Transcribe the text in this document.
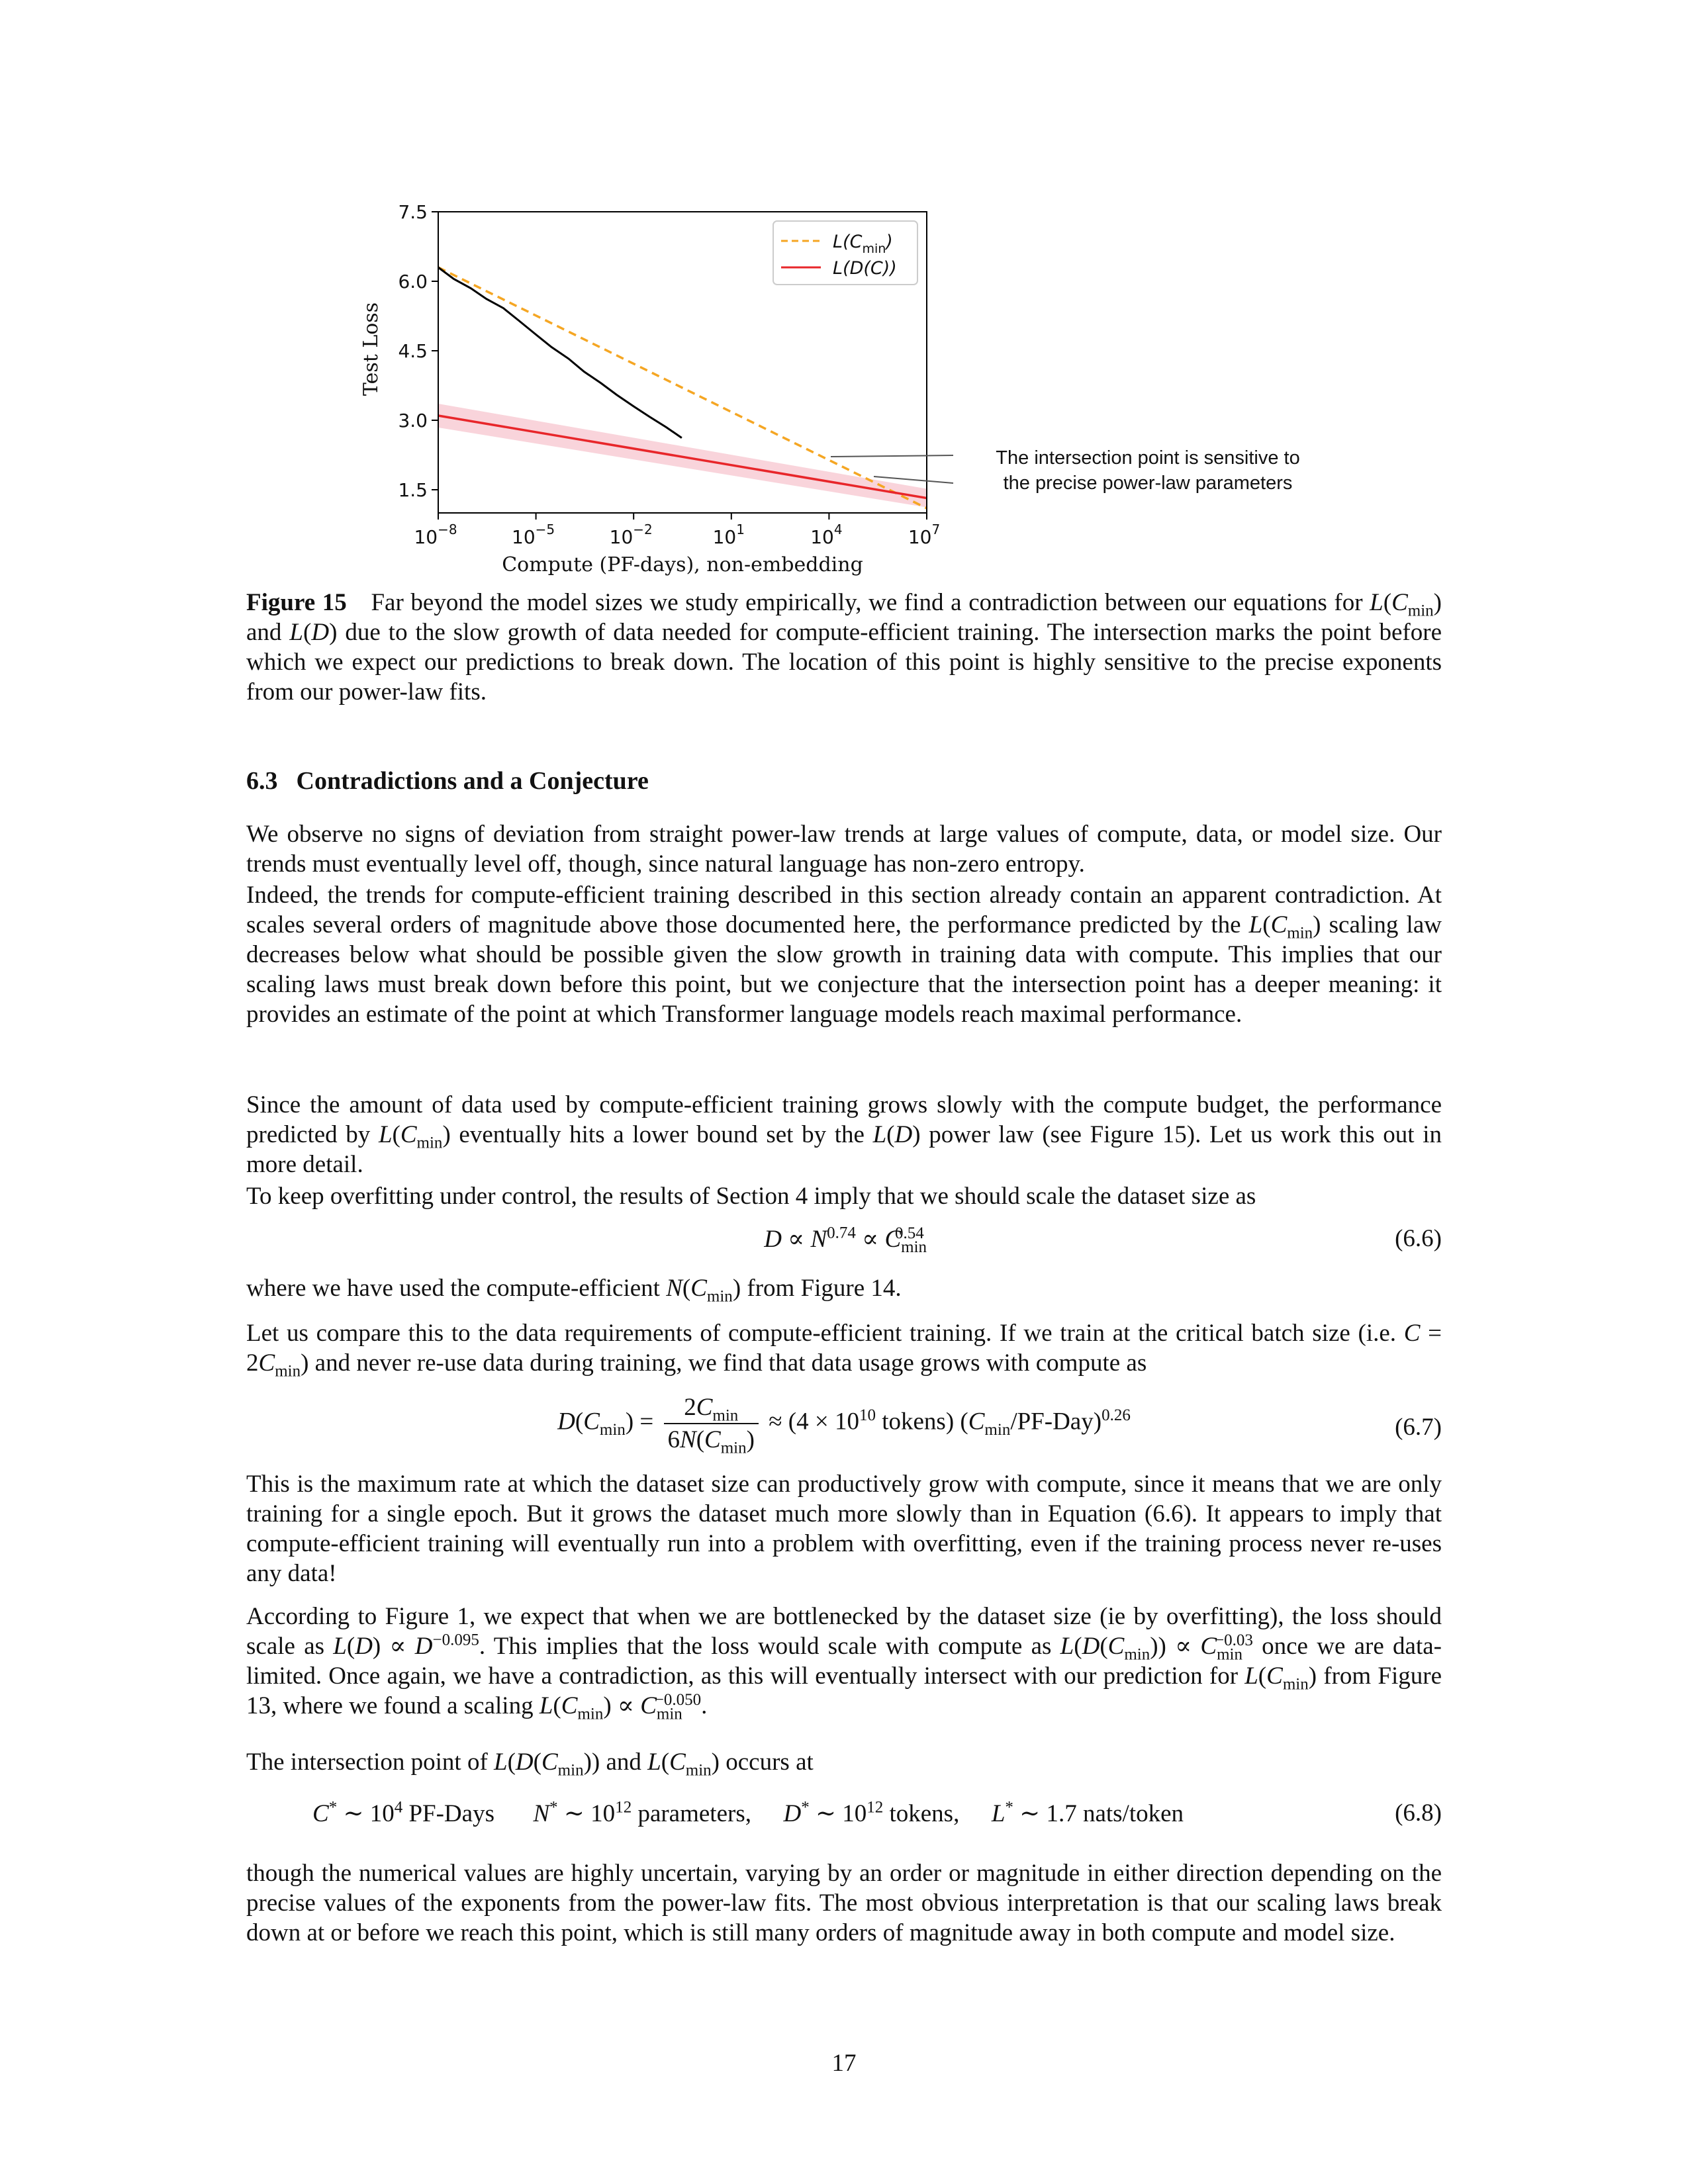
1.5
3.0
4.5
6.0
7.5
$10^{-8}$	$10^{-5}$	$10^{-2}$	$10^1$	$10^4$	$10^7$
Compute (PF-days), non-embedding
Test Loss
$L(C_{min})$
L(D(C))
The intersection point is sensitive to
the precise power-law parameters
Figure 15 Far beyond the model sizes we study empirically, we find a contradiction between our equations for $L(C_{min})$ and L(D) due to the slow growth of data needed for compute-efficient training. The intersection marks the point before which we expect our predictions to break down. The location of this point is highly sensitive to the precise exponents from our power-law fits.
6.3 Contradictions and a Conjecture

We observe no signs of deviation from straight power-law trends at large values of compute, data, or model size. Our trends must eventually level off, though, since natural language has non-zero entropy.

Indeed, the trends for compute-efficient training described in this section already contain an apparent contradiction. At scales several orders of magnitude above those documented here, the performance predicted by the $L(C_{min})$ scaling law decreases below what should be possible given the slow growth in training data with compute. This implies that our scaling laws must break down before this point, but we conjecture that the intersection point has a deeper meaning: it provides an estimate of the point at which Transformer language models reach maximal performance.

Since the amount of data used by compute-efficient training grows slowly with the compute budget, the performance predicted by $L(C_{min})$ eventually hits a lower bound set by the L(D) power law (see Figure 15). Let us work this out in more detail.

To keep overfitting under control, the results of Section 4 imply that we should scale the dataset size as

$D \propto N^{0.74} \propto C_{min}^{0.54}$	(6.6)

where we have used the compute-efficient $N(C_{min})$ from Figure 14.

Let us compare this to the data requirements of compute-efficient training. If we train at the critical batch size (i.e. $C = 2C_{min}$) and never re-use data during training, we find that data usage grows with compute as

$D(C_{min}) = \frac{2C_{min}}{6N(C_{min})} \approx (4 \times 10^{10}$ tokens) $(C_{min}/PF-Day)^{0.26}$	(6.7)

This is the maximum rate at which the dataset size can productively grow with compute, since it means that we are only training for a single epoch. But it grows the dataset much more slowly than in Equation (6.6). It appears to imply that compute-efficient training will eventually run into a problem with overfitting, even if the training process never re-uses any data!

According to Figure 1, we expect that when we are bottlenecked by the dataset size (ie by overfitting), the loss should scale as $L(D) \propto D^{-0.095}$. This implies that the loss would scale with compute as $L(D(C_{min})) \propto C_{min}^{-0.03}$ once we are data-limited. Once again, we have a contradiction, as this will eventually intersect with our prediction for $L(C_{min})$ from Figure 13, where we found a scaling $L(C_{min}) \propto C_{min}^{-0.050}$.

The intersection point of $L(D(C_{min}))$ and $L(C_{min})$ occurs at

C* ∼ $10^4$ PF-Days N* ∼ $10^{12}$ parameters, D* ∼ $10^{12}$ tokens, L* ∼ 1.7 nats/token	(6.8)

though the numerical values are highly uncertain, varying by an order or magnitude in either direction depending on the precise values of the exponents from the power-law fits. The most obvious interpretation is that our scaling laws break down at or before we reach this point, which is still many orders of magnitude away in both compute and model size.

17
